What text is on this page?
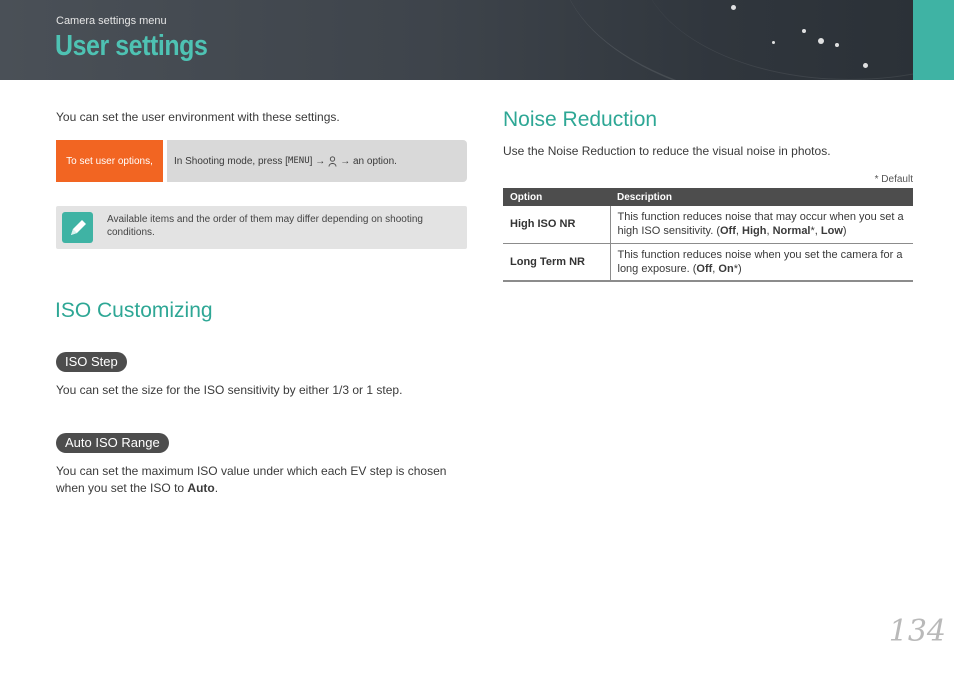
Camera settings menu
User settings
You can set the user environment with these settings.
To set user options,	In Shooting mode, press [ MENU ] → → an option.
Available items and the order of them may differ depending on shooting conditions.
ISO Customizing
ISO Step
You can set the size for the ISO sensitivity by either 1/3 or 1 step.
Auto ISO Range
You can set the maximum ISO value under which each EV step is chosen when you set the ISO to Auto.
Noise Reduction
Use the Noise Reduction to reduce the visual noise in photos.
* Default
Option	Description
High ISO NR	This function reduces noise that may occur when you set a high ISO sensitivity. (Off, High, Normal*, Low)
Long Term NR	This function reduces noise when you set the camera for a long exposure. (Off, On*)
134
